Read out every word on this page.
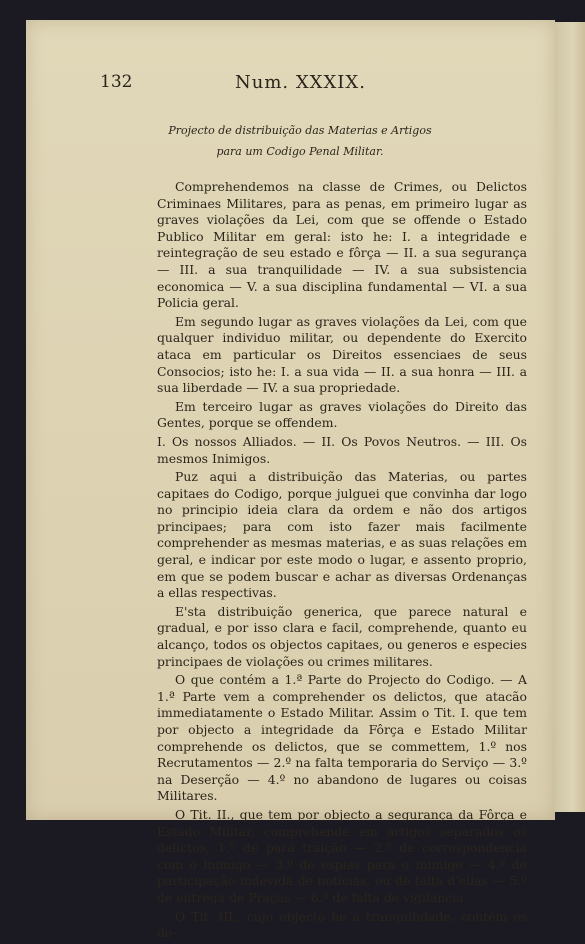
132	Num. XXXIX.
Projecto de distribuição das Materias e Artigos
para um Codigo Penal Militar.

Comprehendemos na classe de Crimes, ou Delictos Criminaes Militares, para as penas, em primeiro lugar as graves violações da Lei, com que se offende o Estado Publico Militar em geral: isto he: I. a integridade e reintegração de seu estado e fôrça — II. a sua segurança — III. a sua tranquilidade — IV. a sua subsistencia economica — V. a sua disciplina fundamental — VI. a sua Policia geral.

Em segundo lugar as graves violações da Lei, com que qualquer individuo militar, ou dependente do Exercito ataca em particular os Direitos essenciaes de seus Consocios; isto he: I. a sua vida — II. a sua honra — III. a sua liberdade — IV. a sua propriedade.

Em terceiro lugar as graves violações do Direito das Gentes, porque se offendem.

I. Os nossos Alliados. — II. Os Povos Neutros. — III. Os mesmos Inimigos.

Puz aqui a distribuição das Materias, ou partes capitaes do Codigo, porque julguei que convinha dar logo no principio ideia clara da ordem e não dos artigos principaes; para com isto fazer mais facilmente comprehender as mesmas materias, e as suas relações em geral, e indicar por este modo o lugar, e assento proprio, em que se podem buscar e achar as diversas Ordenanças a ellas respectivas.

E'sta distribuição generica, que parece natural e gradual, e por isso clara e facil, comprehende, quanto eu alcanço, todos os objectos capitaes, ou generos e especies principaes de violações ou crimes militares.

O que contém a 1.ª Parte do Projecto do Codigo. — A 1.ª Parte vem a comprehender os delictos, que atacão immediatamente o Estado Militar. Assim o Tit. I. que tem por objecto a integridade da Fôrça e Estado Militar comprehende os delictos, que se commettem, 1.º nos Recrutamentos — 2.º na falta temporaria do Serviço — 3.º na Deserção — 4.º no abandono de lugares ou coisas Militares.

O Tit. II., que tem por objecto a segurança da Fôrça e Estado Militar, comprehende em artigos separados os delictos; 1.º de para traição — 2.º de correspondencia com o inimigo — 3.º de espias para o inimigo — 4.º de participação indevida de noticias, ou de falta d'ellas — 5.º de entrega de Praças — 6.º de falta de vigilancia.

O Tit. III., cujo objecto he a tranquilidade, contém os de-
